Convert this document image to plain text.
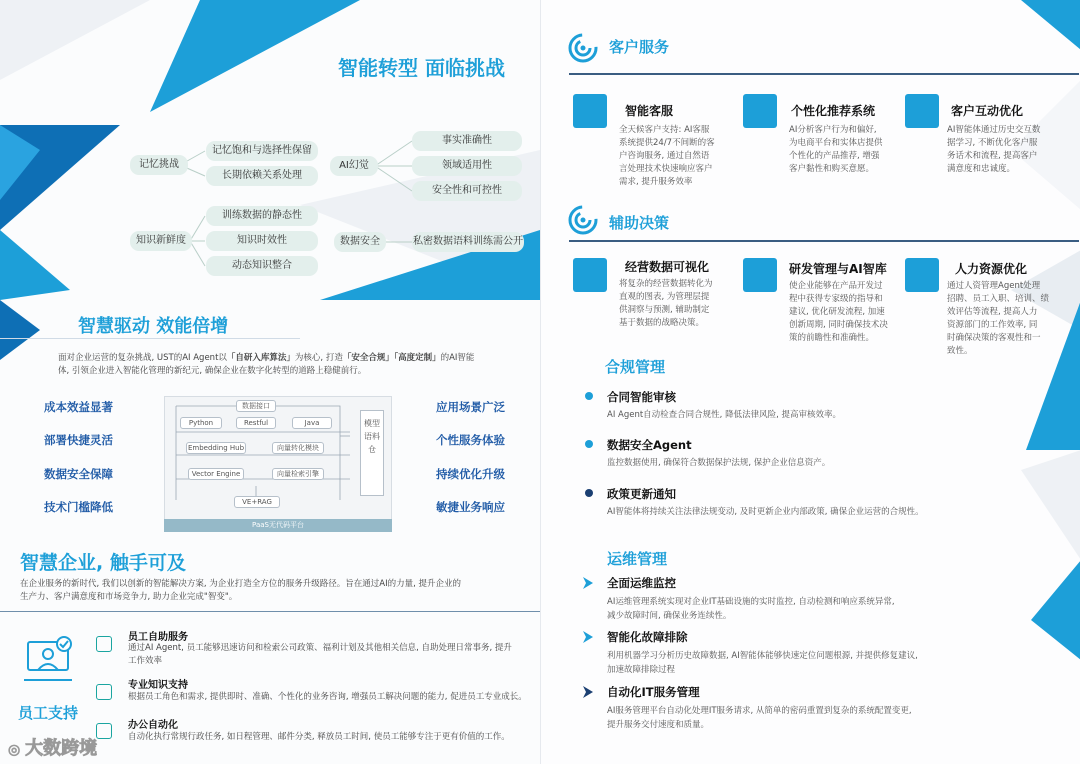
智能转型 面临挑战
记忆挑战
记忆饱和与选择性保留
长期依赖关系处理
AI幻觉
事实准确性
领域适用性
安全性和可控性
知识新鲜度
训练数据的静态性
知识时效性
动态知识整合
数据安全	私密数据语料训练需公开
智慧驱动 效能倍增
面对企业运营的复杂挑战, UST的AI Agent以「自研入库算法」为核心, 打造「安全合规」「高度定制」的AI智能
体, 引领企业进入智能化管理的新纪元, 确保企业在数字化转型的道路上稳健前行。
成本效益显著
部署快捷灵活
数据安全保障
技术门槛降低
应用场景广泛
个性服务体验
持续优化升级
敏捷业务响应
数据接口
Python	Restful	Java
Embedding Hub	向量转化模块
Vector Engine	向量检索引擎
VE+RAG
模型语料仓
PaaS无代码平台
智慧企业, 触手可及
在企业服务的新时代, 我们以创新的智能解决方案, 为企业打造全方位的服务升级路径。旨在通过AI的力量, 提升企业的
生产力、客户满意度和市场竞争力, 助力企业完成"智变"。
员工支持
员工自助服务
通过AI Agent, 员工能够迅速访问和检索公司政策、福利计划及其他相关信息, 自助处理日常事务, 提升
工作效率
专业知识支持
根据员工角色和需求, 提供即时、准确、个性化的业务咨询, 增强员工解决问题的能力, 促进员工专业成长。
办公自动化
自动化执行常规行政任务, 如日程管理、邮件分类, 释放员工时间, 使员工能够专注于更有价值的工作。
◎ 大数跨境
客户服务
智能客服
全天候客户支持: AI客服
系统提供24/7不间断的客
户咨询服务, 通过自然语
言处理技术快速响应客户
需求, 提升服务效率
个性化推荐系统
AI分析客户行为和偏好,
为电商平台和实体店提供
个性化的产品推荐, 增强
客户黏性和购买意愿。
客户互动优化
AI智能体通过历史交互数
据学习, 不断优化客户服
务话术和流程, 提高客户
满意度和忠诚度。
辅助决策
经营数据可视化
将复杂的经营数据转化为
直观的图表, 为管理层提
供洞察与预测, 辅助制定
基于数据的战略决策。
研发管理与AI智库
使企业能够在产品开发过
程中获得专家级的指导和
建议, 优化研发流程, 加速
创新周期, 同时确保技术决
策的前瞻性和准确性。
人力资源优化
通过人资管理Agent处理
招聘、员工入职、培训、绩
效评估等流程, 提高人力
资源部门的工作效率, 同
时确保决策的客观性和一
致性。
合规管理
合同智能审核
AI Agent自动检查合同合规性, 降低法律风险, 提高审核效率。
数据安全Agent
监控数据使用, 确保符合数据保护法规, 保护企业信息资产。
政策更新通知
AI智能体将持续关注法律法规变动, 及时更新企业内部政策, 确保企业运营的合规性。
运维管理
全面运维监控
AI运维管理系统实现对企业IT基础设施的实时监控, 自动检测和响应系统异常,
减少故障时间, 确保业务连续性。
智能化故障排除
利用机器学习分析历史故障数据, AI智能体能够快速定位问题根源, 并提供修复建议,
加速故障排除过程
自动化IT服务管理
AI服务管理平台自动化处理IT服务请求, 从简单的密码重置到复杂的系统配置变更,
提升服务交付速度和质量。
